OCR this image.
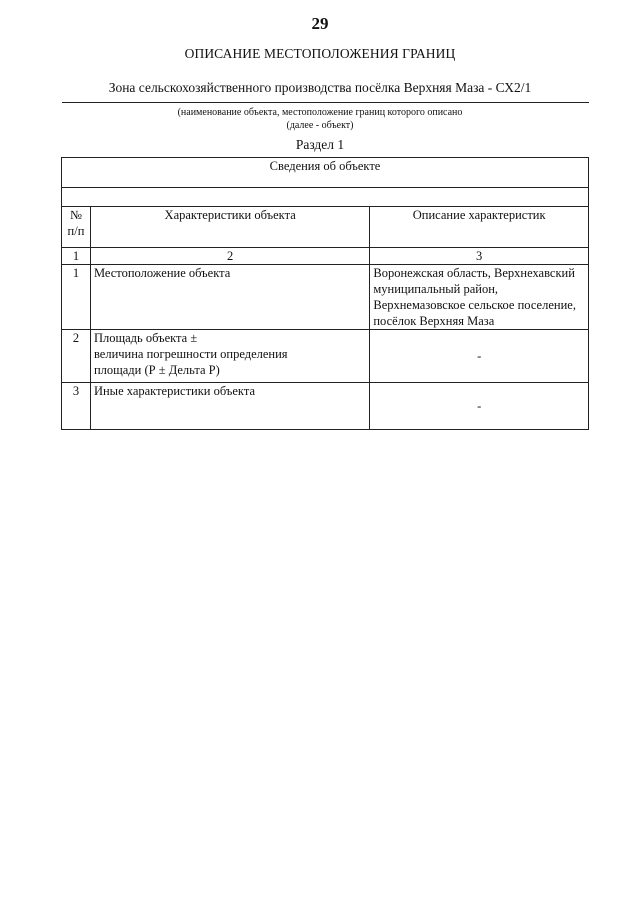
29
ОПИСАНИЕ МЕСТОПОЛОЖЕНИЯ ГРАНИЦ
Зона сельскохозяйственного производства посёлка Верхняя Маза - СХ2/1
(наименование объекта, местоположение границ которого описано
(далее - объект)
Раздел 1
Сведения об объекте		

№
п/п	Характеристики объекта	Описание характеристик
1	2	3
1	Местоположение объекта	Воронежская область, Верхнехавский
муниципальный район,
Верхнемазовское сельское поселение,
посёлок Верхняя Маза

2	Площадь объекта ±
величина погрешности определения
площади (Р ± Дельта Р)	-

3	Иные характеристики объекта	-
